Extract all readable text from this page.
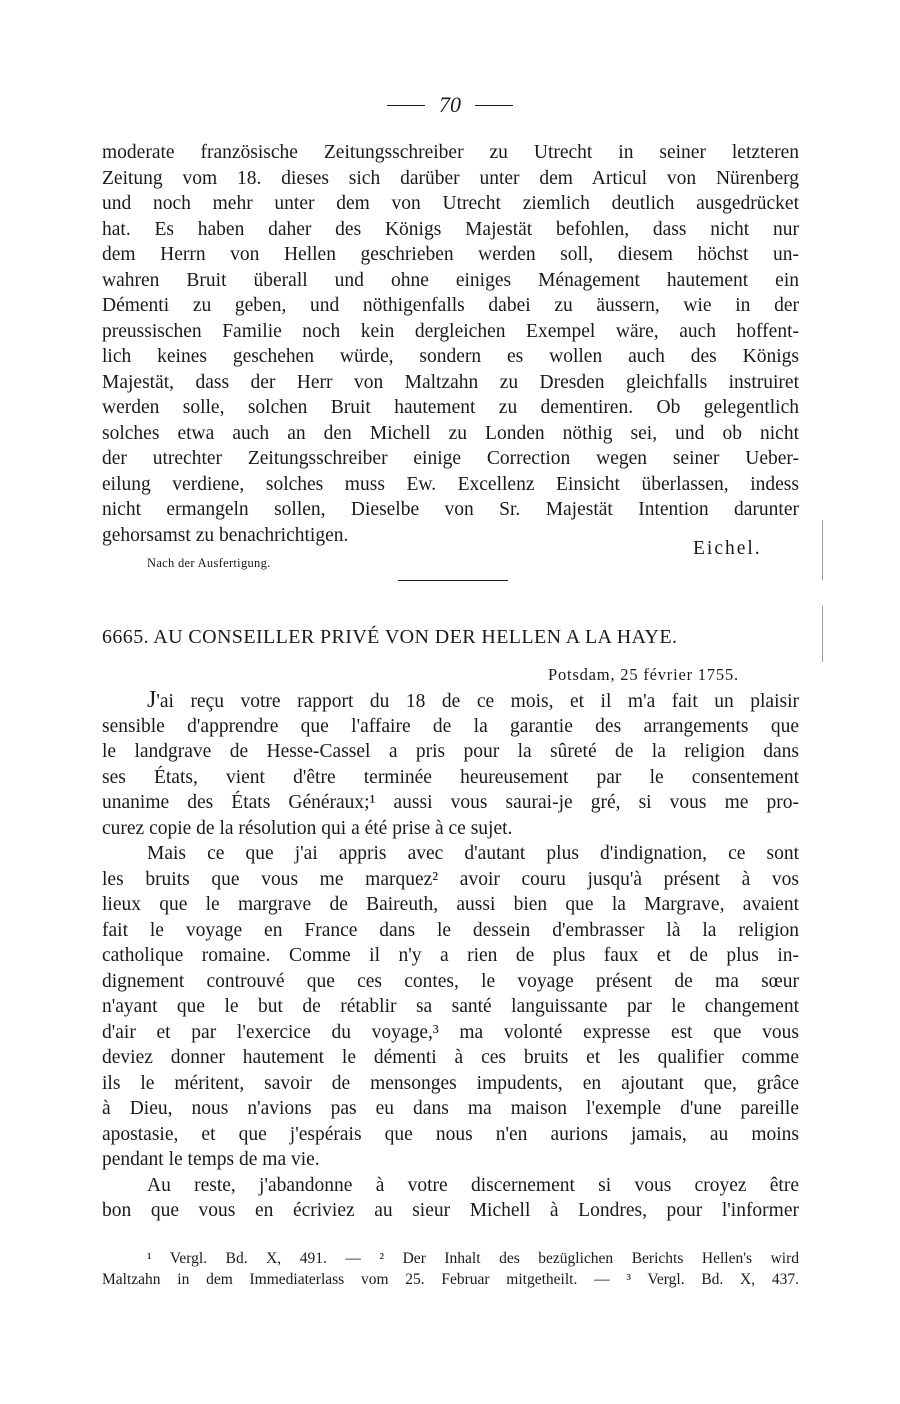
70
moderate französische Zeitungsschreiber zu Utrecht in seiner letzteren
Zeitung vom 18. dieses sich darüber unter dem Articul von Nürenberg
und noch mehr unter dem von Utrecht ziemlich deutlich ausgedrücket
hat. Es haben daher des Königs Majestät befohlen, dass nicht nur
dem Herrn von Hellen geschrieben werden soll, diesem höchst un-
wahren Bruit überall und ohne einiges Ménagement hautement ein
Démenti zu geben, und nöthigenfalls dabei zu äussern, wie in der
preussischen Familie noch kein dergleichen Exempel wäre, auch hoffent-
lich keines geschehen würde, sondern es wollen auch des Königs
Majestät, dass der Herr von Maltzahn zu Dresden gleichfalls instruiret
werden solle, solchen Bruit hautement zu dementiren. Ob gelegentlich
solches etwa auch an den Michell zu Londen nöthig sei, und ob nicht
der utrechter Zeitungsschreiber einige Correction wegen seiner Ueber-
eilung verdiene, solches muss Ew. Excellenz Einsicht überlassen, indess
nicht ermangeln sollen, Dieselbe von Sr. Majestät Intention darunter
gehorsamst zu benachrichtigen.
Eichel.
Nach der Ausfertigung.
6665. AU CONSEILLER PRIVÉ VON DER HELLEN A LA HAYE.
Potsdam, 25 février 1755.
J'ai reçu votre rapport du 18 de ce mois, et il m'a fait un plaisir
sensible d'apprendre que l'affaire de la garantie des arrangements que
le landgrave de Hesse-Cassel a pris pour la sûreté de la religion dans
ses États, vient d'être terminée heureusement par le consentement
unanime des États Généraux;¹ aussi vous saurai-je gré, si vous me pro-
curez copie de la résolution qui a été prise à ce sujet.
Mais ce que j'ai appris avec d'autant plus d'indignation, ce sont
les bruits que vous me marquez² avoir couru jusqu'à présent à vos
lieux que le margrave de Baireuth, aussi bien que la Margrave, avaient
fait le voyage en France dans le dessein d'embrasser là la religion
catholique romaine. Comme il n'y a rien de plus faux et de plus in-
dignement controuvé que ces contes, le voyage présent de ma sœur
n'ayant que le but de rétablir sa santé languissante par le changement
d'air et par l'exercice du voyage,³ ma volonté expresse est que vous
deviez donner hautement le démenti à ces bruits et les qualifier comme
ils le méritent, savoir de mensonges impudents, en ajoutant que, grâce
à Dieu, nous n'avions pas eu dans ma maison l'exemple d'une pareille
apostasie, et que j'espérais que nous n'en aurions jamais, au moins
pendant le temps de ma vie.
Au reste, j'abandonne à votre discernement si vous croyez être
bon que vous en écriviez au sieur Michell à Londres, pour l'informer
¹ Vergl. Bd. X, 491. — ² Der Inhalt des bezüglichen Berichts Hellen's wird
Maltzahn in dem Immediaterlass vom 25. Februar mitgetheilt. — ³ Vergl. Bd. X, 437.
